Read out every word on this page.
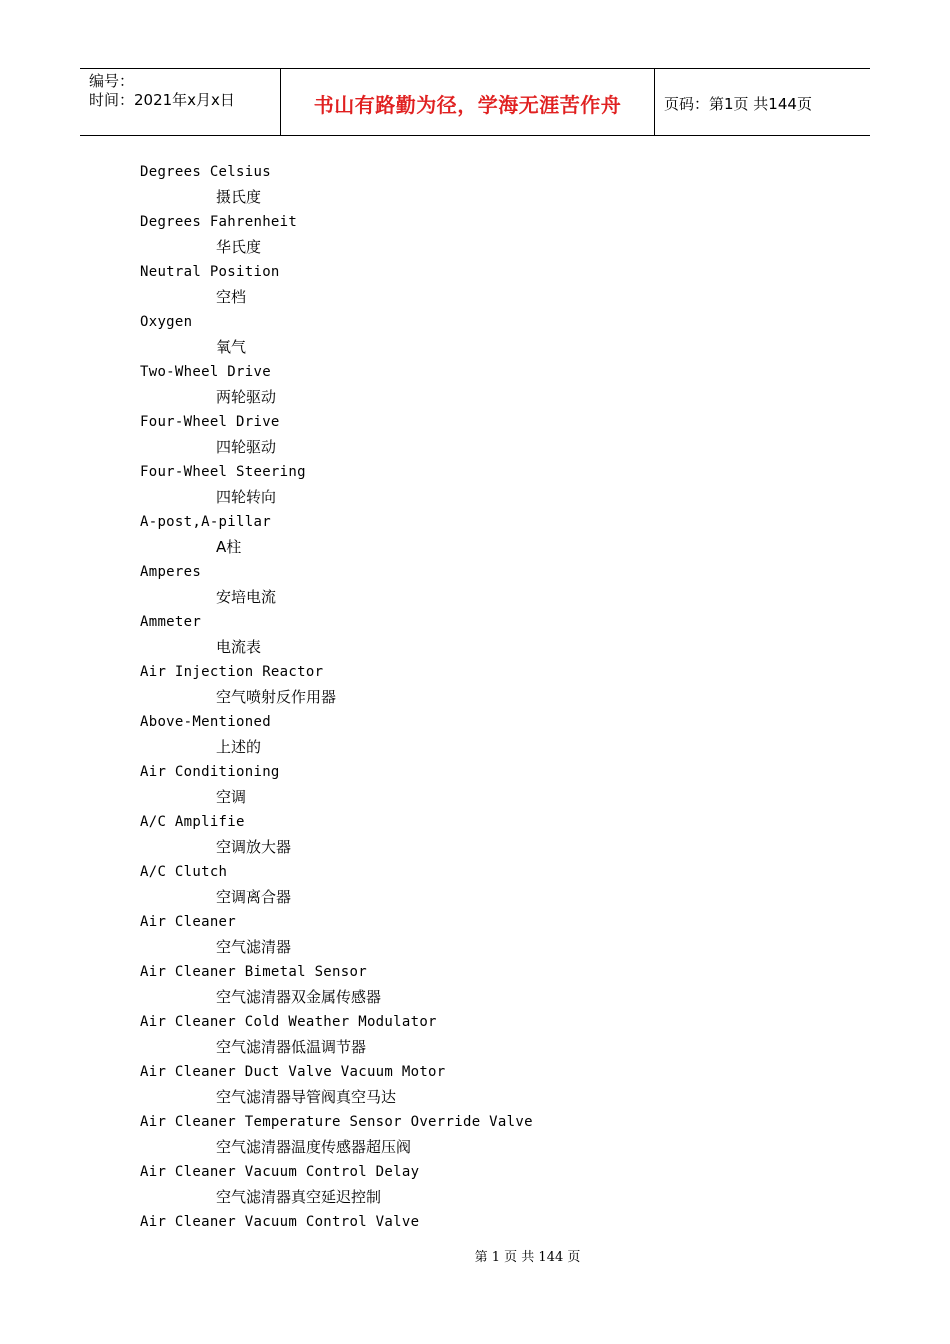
编号：
时间：2021年x月x日	书山有路勤为径，学海无涯苦作舟	页码：第1页 共144页
Degrees Celsius
摄氏度
Degrees Fahrenheit
华氏度
Neutral Position
空档
Oxygen
氧气
Two-Wheel Drive
两轮驱动
Four-Wheel Drive
四轮驱动
Four-Wheel Steering
四轮转向
A-post,A-pillar
A柱
Amperes
安培电流
Ammeter
电流表
Air Injection Reactor
空气喷射反作用器
Above-Mentioned
上述的
Air Conditioning
空调
A/C Amplifie
空调放大器
A/C Clutch
空调离合器
Air Cleaner
空气滤清器
Air Cleaner Bimetal Sensor
空气滤清器双金属传感器
Air Cleaner Cold Weather Modulator
空气滤清器低温调节器
Air Cleaner Duct Valve Vacuum Motor
空气滤清器导管阀真空马达
Air Cleaner Temperature Sensor Override Valve
空气滤清器温度传感器超压阀
Air Cleaner Vacuum Control Delay
空气滤清器真空延迟控制
Air Cleaner Vacuum Control Valve
第 1 页 共 144 页
